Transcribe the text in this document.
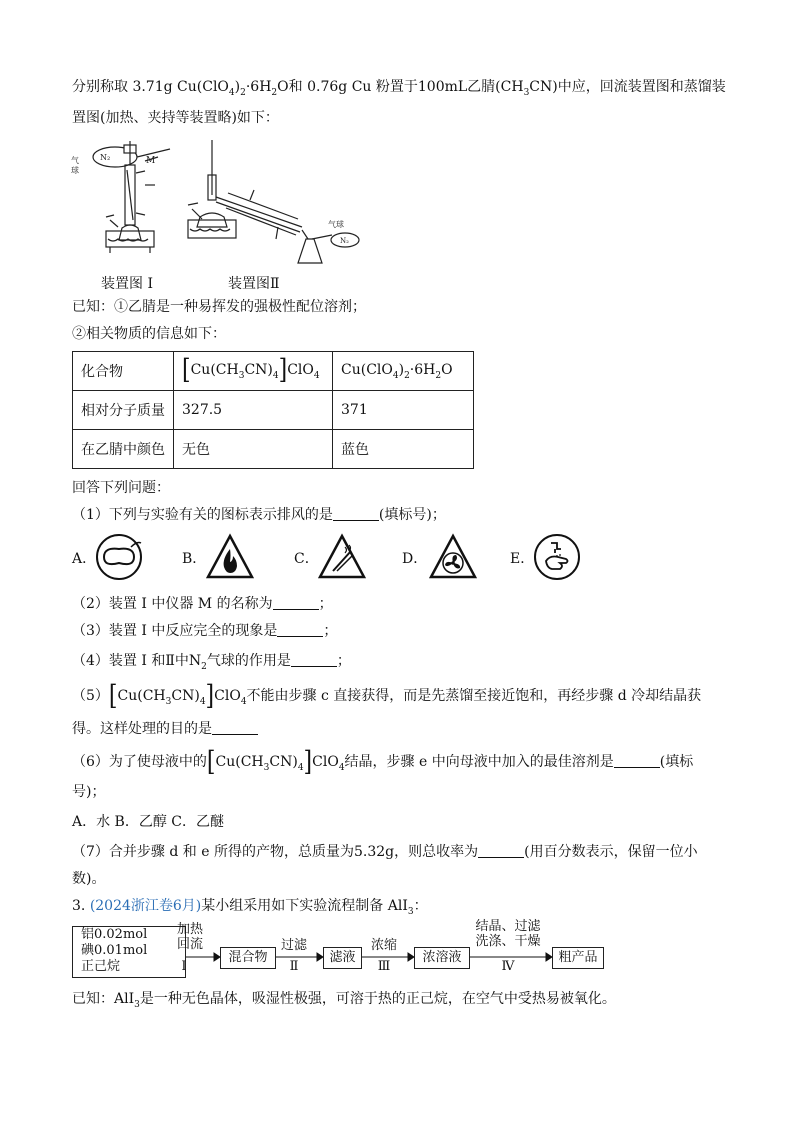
分别称取 3.71g $Cu(ClO_4)_2\cdot 6H_2O$和 0.76g Cu 粉置于100mL乙腈$(CH_3CN)$中应，回流装置图和蒸馏装
置图(加热、夹持等装置略)如下：
气
球
N₂	M
气球
N₂
装置图 I	装置图Ⅱ
已知：①乙腈是一种易挥发的强极性配位溶剂；
②相关物质的信息如下：
化合物	$[Cu(CH_3CN)_4]ClO_4$	$Cu(ClO_4)_2\cdot 6H_2O$
相对分子质量	327.5	371
在乙腈中颜色	无色	蓝色
回答下列问题：
（1）下列与实验有关的图标表示排风的是	(填标号)；
A．	B．	C．	D．	E．
（2）装置 I 中仪器 M 的名称为	；
（3）装置 I 中反应完全的现象是	；
（4）装置 I 和Ⅱ中$N_2$气球的作用是	；
$(5)[Cu(CH_3CN)_4]ClO_4$不能由步骤 c 直接获得，而是先蒸馏至接近饱和，再经步骤 d 冷却结晶获
得。这样处理的目的是
（6）为了使母液中的$[Cu(CH_3CN)_4]ClO_4$结晶，步骤 e 中向母液中加入的最佳溶剂是	(填标
号)；
A．水 B．乙醇 C．乙醚
（7）合并步骤 d 和 e 所得的产物，总质量为5.32g，则总收率为	(用百分数表示，保留一位小
数)。
3. (2024浙江卷6月)某小组采用如下实验流程制备 AlI$_3$：
铝0.02mol
碘0.01mol
正己烷
加热
回流
Ⅰ
混合物
过滤
Ⅱ
滤液
浓缩
Ⅲ
浓溶液
结晶、过滤
洗涤、干燥
Ⅳ
粗产品
已知：AlI$_3$是一种无色晶体，吸湿性极强，可溶于热的正己烷，在空气中受热易被氧化。
